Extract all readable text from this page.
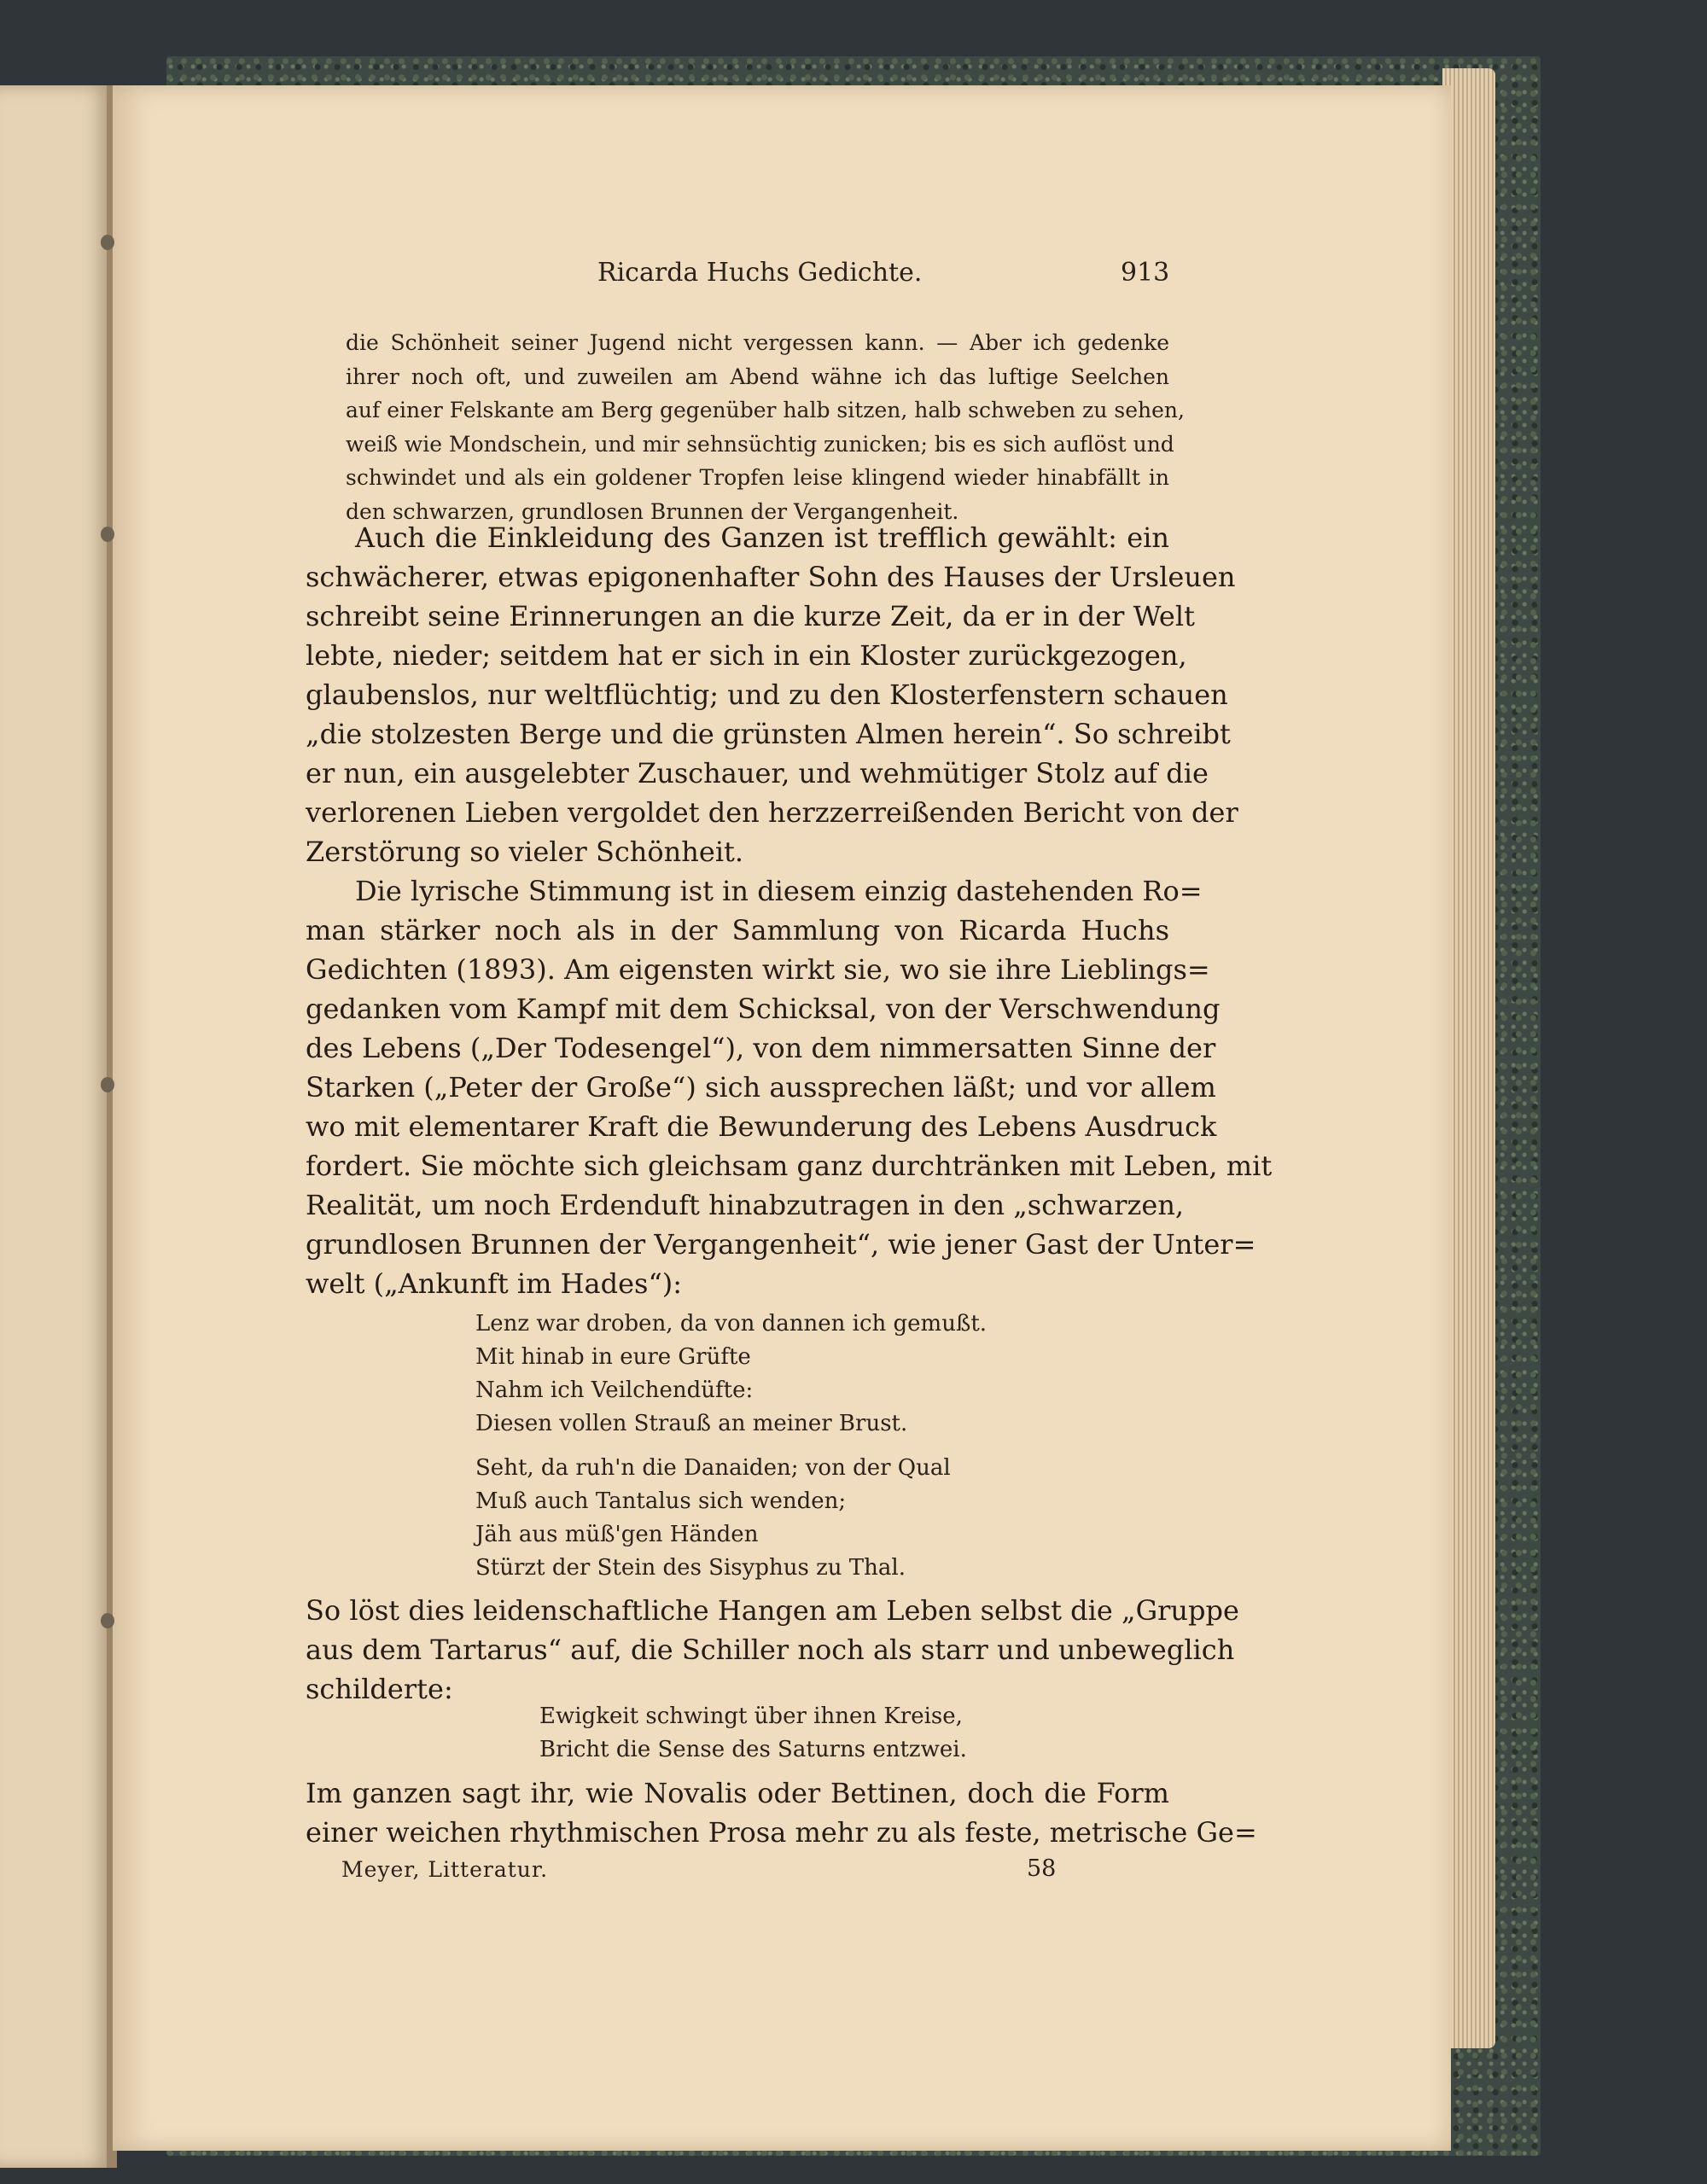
Ricarda Huchs Gedichte.	913
die Schönheit seiner Jugend nicht vergessen kann. — Aber ich gedenke
ihrer noch oft, und zuweilen am Abend wähne ich das luftige Seelchen
auf einer Felskante am Berg gegenüber halb sitzen, halb schweben zu sehen,
weiß wie Mondschein, und mir sehnsüchtig zunicken; bis es sich auflöst und
schwindet und als ein goldener Tropfen leise klingend wieder hinabfällt in
den schwarzen, grundlosen Brunnen der Vergangenheit.
Auch die Einkleidung des Ganzen ist trefflich gewählt: ein
schwächerer, etwas epigonenhafter Sohn des Hauses der Ursleuen
schreibt seine Erinnerungen an die kurze Zeit, da er in der Welt
lebte, nieder; seitdem hat er sich in ein Kloster zurückgezogen,
glaubenslos, nur weltflüchtig; und zu den Klosterfenstern schauen
„die stolzesten Berge und die grünsten Almen herein“. So schreibt
er nun, ein ausgelebter Zuschauer, und wehmütiger Stolz auf die
verlorenen Lieben vergoldet den herzzerreißenden Bericht von der
Zerstörung so vieler Schönheit.
Die lyrische Stimmung ist in diesem einzig dastehenden Ro=
man stärker noch als in der Sammlung von Ricarda Huchs
Gedichten (1893). Am eigensten wirkt sie, wo sie ihre Lieblings=
gedanken vom Kampf mit dem Schicksal, von der Verschwendung
des Lebens („Der Todesengel“), von dem nimmersatten Sinne der
Starken („Peter der Große“) sich aussprechen läßt; und vor allem
wo mit elementarer Kraft die Bewunderung des Lebens Ausdruck
fordert. Sie möchte sich gleichsam ganz durchtränken mit Leben, mit
Realität, um noch Erdenduft hinabzutragen in den „schwarzen,
grundlosen Brunnen der Vergangenheit“, wie jener Gast der Unter=
welt („Ankunft im Hades“):
Lenz war droben, da von dannen ich gemußt.
Mit hinab in eure Grüfte
Nahm ich Veilchendüfte:
Diesen vollen Strauß an meiner Brust.
Seht, da ruh'n die Danaiden; von der Qual
Muß auch Tantalus sich wenden;
Jäh aus müß'gen Händen
Stürzt der Stein des Sisyphus zu Thal.
So löst dies leidenschaftliche Hangen am Leben selbst die „Gruppe
aus dem Tartarus“ auf, die Schiller noch als starr und unbeweglich
schilderte:
Ewigkeit schwingt über ihnen Kreise,
Bricht die Sense des Saturns entzwei.
Im ganzen sagt ihr, wie Novalis oder Bettinen, doch die Form
einer weichen rhythmischen Prosa mehr zu als feste, metrische Ge=
Meyer, Litteratur.	58
